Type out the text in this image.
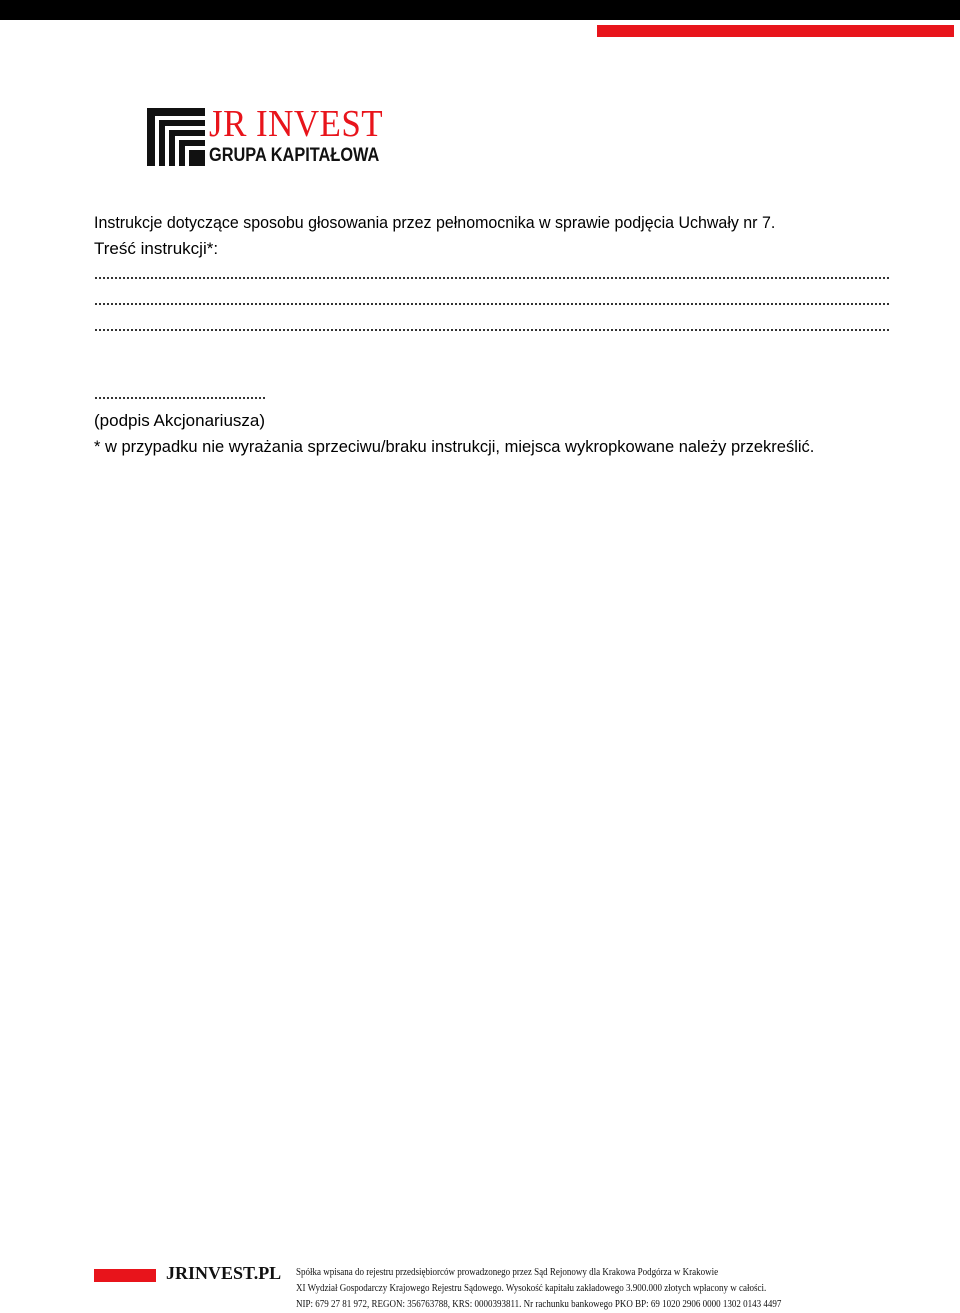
JR INVEST
GRUPA KAPITAŁOWA
Instrukcje dotyczące sposobu głosowania przez pełnomocnika w sprawie podjęcia Uchwały nr 7.
Treść instrukcji*:
(podpis Akcjonariusza)
* w przypadku nie wyrażania sprzeciwu/braku instrukcji, miejsca wykropkowane należy przekreślić.
JRINVEST.PL Spółka wpisana do rejestru przedsiębiorców prowadzonego przez Sąd Rejonowy dla Krakowa Podgórza w Krakowie
XI Wydział Gospodarczy Krajowego Rejestru Sądowego. Wysokość kapitału zakładowego 3.900.000 złotych wpłacony w całości.
NIP: 679 27 81 972, REGON: 356763788, KRS: 0000393811. Nr rachunku bankowego PKO BP: 69 1020 2906 0000 1302 0143 4497
